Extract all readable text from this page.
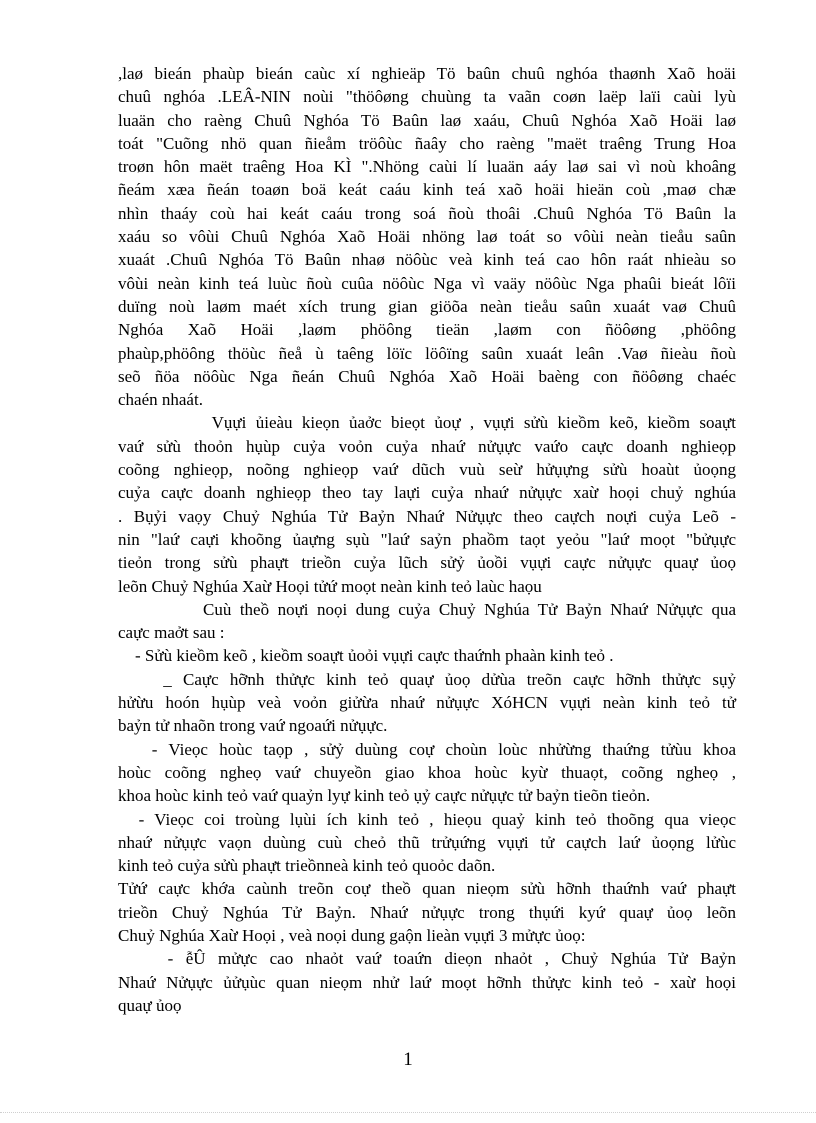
,laø bieán phaùp bieán caùc xí nghieäp Tö baûn chuû nghóa thaønh Xaõ hoäi
chuû nghóa .LEÂ-NIN noùi "thöôøng chuùng ta vaãn coøn laëp laïi caùi lyù
luaän cho raèng Chuû Nghóa Tö Baûn laø xaáu, Chuû Nghóa Xaõ Hoäi laø
toát "Cuõng nhö quan ñieåm tröôùc ñaây cho raèng "maët traêng Trung Hoa
troøn hôn maët traêng Hoa KÌ ".Nhöng caùi lí luaän aáy laø sai vì noù khoâng
ñeám xæa ñeán toaøn boä keát caáu kinh teá xaõ hoäi hieän coù ,maø chæ
nhìn thaáy coù hai keát caáu trong soá ñoù thoâi .Chuû Nghóa Tö Baûn la
xaáu so vôùi Chuû Nghóa Xaõ Hoäi nhöng laø toát so vôùi neàn tieåu saûn
xuaát .Chuû Nghóa Tö Baûn nhaø nöôùc veà kinh teá cao hôn raát nhieàu so
vôùi neàn kinh teá luùc ñoù cuûa nöôùc Nga vì vaäy nöôùc Nga phaûi bieát lôïi
duïng noù laøm maét xích trung gian giöõa neàn tieåu saûn xuaát vaø Chuû
Nghóa Xaõ Hoäi ,laøm phöông tieän ,laøm con ñöôøng ,phöông
phaùp,phöông thöùc ñeå ù taêng löïc löôïng saûn xuaát leân .Vaø ñieàu ñoù
seõ ñöa nöôùc Nga ñeán Chuû Nghóa Xaõ Hoäi baèng con ñöôøng chaéc
chaén nhaát.
Vụựi ủieàu kieọn ủaởc bieọt ủoự , vụựi sửù kieồm keõ, kieồm soaựt
vaứ sửù thoỏn hụùp cuỷa voỏn cuỷa nhaứ nửụực vaứo caực doanh nghieọp
coõng nghieọp, noõng nghieọp vaứ dũch vuù seừ hửụựng sửù hoaùt ủoọng
cuỷa caực doanh nghieọp theo tay laựi cuỷa nhaứ nửụực xaừ hoọi chuỷ nghúa
. Bụỷi vaọy Chuỷ Nghúa Tử Baỷn Nhaứ Nửụực theo caựch noựi cuỷa Leõ -
nin "laứ caựi khoõng ủaựng sụù "laứ saỷn phaồm taọt yeỏu "laứ moọt "bửụực
tieỏn trong sửù phaựt trieồn cuỷa lũch sửỷ ủoồi vụựi caực nửụực quaự ủoọ
leõn Chuỷ Nghúa Xaừ Hoọi tửứ moọt neàn kinh teỏ laùc haọu
Cuù theồ noựi noọi dung cuỷa Chuỷ Nghúa Tử Baỷn Nhaứ Nửụực qua
caực maởt sau :
- Sửù kieồm keõ , kieồm soaựt ủoỏi vụựi caực thaứnh phaàn kinh teỏ .
_ Caực hỡnh thửực kinh teỏ quaự ủoọ dửùa treõn caực hỡnh thửực sụỷ
hửừu hoón hụùp veà voỏn giửừa nhaứ nửụực XóHCN vụựi neàn kinh teỏ tử
baỷn tử nhaõn trong vaứ ngoaứi nửụực.
- Vieọc hoùc taọp , sửỷ duùng coự choùn loùc nhửừng thaứng tửùu khoa
hoùc coõng ngheọ vaứ chuyeồn giao khoa hoùc kyừ thuaọt, coõng ngheọ ,
khoa hoùc kinh teỏ vaứ quaỷn lyự kinh teỏ ụỷ caực nửụực tử baỷn tieõn tieỏn.
- Vieọc coi troùng lụùi ích kinh teỏ , hieọu quaỷ kinh teỏ thoõng qua vieọc
nhaứ nửụực vaọn duùng cuù cheỏ thũ trửụứng vụựi tử caựch laứ ủoọng lửùc
kinh teỏ cuỷa sửù phaựt trieồnneà kinh teỏ quoỏc daõn.
Tửứ caực khớa caùnh treõn coự theồ quan nieọm sửù hỡnh thaứnh vaứ phaựt
trieồn Chuỷ Nghúa Tử Baỷn. Nhaứ nửụực trong thụứi kyứ quaự ủoọ leõn
Chuỷ Nghúa Xaừ Hoọi , veà noọi dung gaộn lieàn vụựi 3 mửực ủoọ:
- ễÛ mửực cao nhaỏt vaứ toaứn dieọn nhaỏt , Chuỷ Nghúa Tử Baỷn
Nhaứ Nửụực ủửụùc quan nieọm nhử laứ moọt hỡnh thửực kinh teỏ - xaừ hoọi
quaự ủoọ
1
